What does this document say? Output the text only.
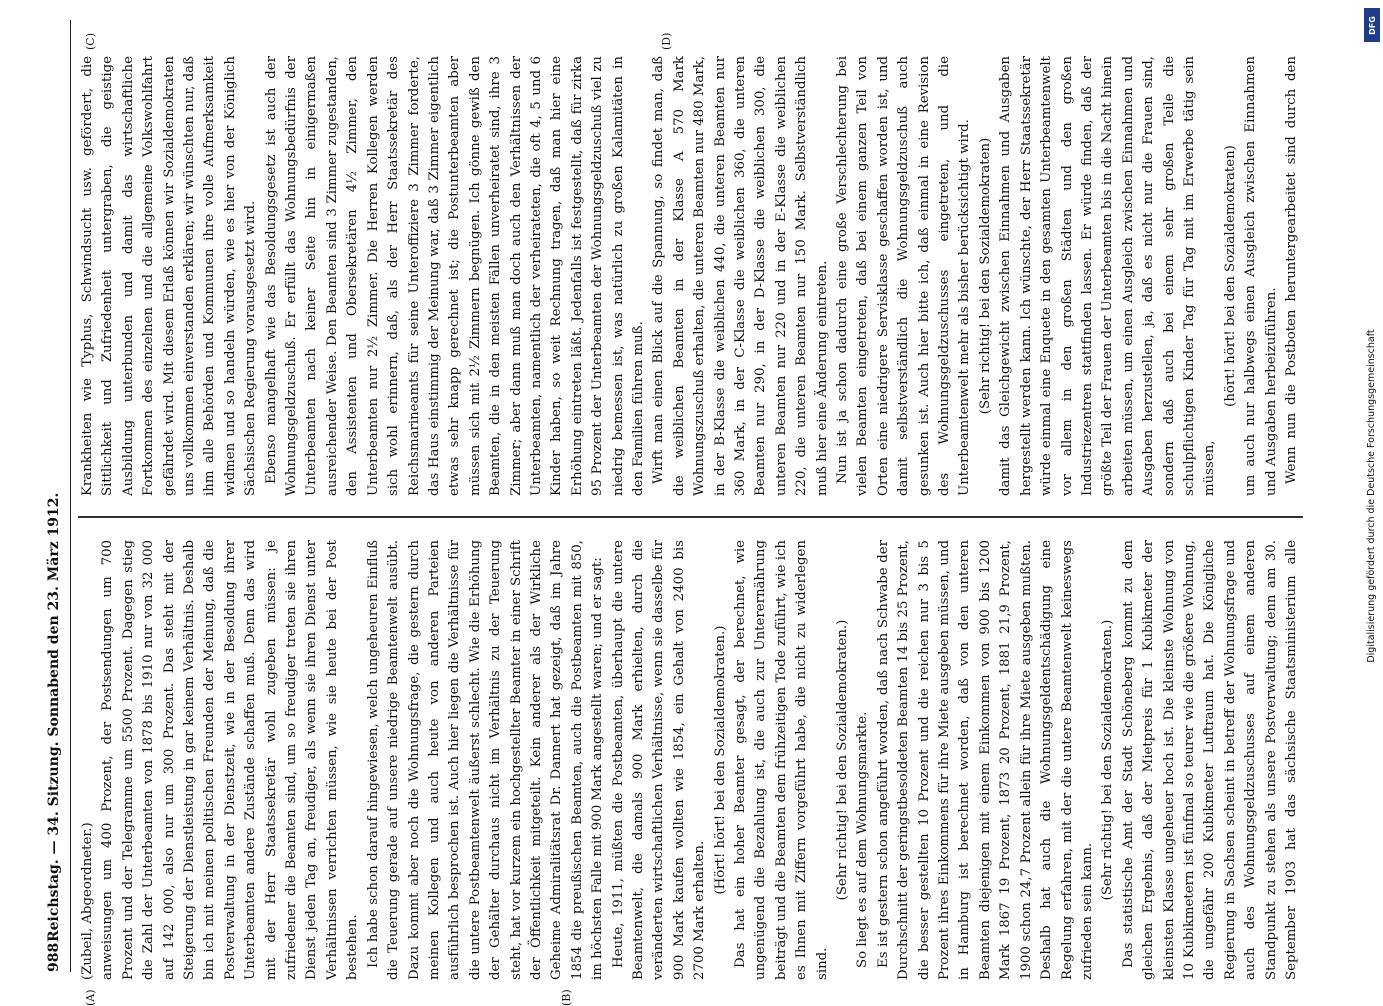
988
Reichstag. — 34. Sitzung. Sonnabend den 23. März 1912.
(A)	(B)
(C)	(D)

(Zubeil, Abgeordneter.) anweisungen um 400 Prozent, der Postsendungen um 700 Prozent und der Telegramme um 5500 Prozent. Dagegen stieg die Zahl der Unterbeamten von 1878 bis 1910 nur von 32 000 auf 142 000, also nur um 300 Prozent. Das steht mit der Steigerung der Dienstleistung in gar keinem Verhältnis. Deshalb bin ich mit meinen politischen Freunden der Meinung, daß die Postverwaltung in der Dienstzeit, wie in der Besoldung ihrer Unterbeamten andere Zustände schaffen muß. Denn das wird mit der Herr Staatssekretär wohl zugeben müssen: je zufriedener die Beamten sind, um so freudiger treten sie ihren Dienst jeden Tag an, freudiger, als wenn sie ihren Dienst unter Verhältnissen verrichten müssen, wie sie heute bei der Post bestehen. Ich habe schon darauf hingewiesen, welch ungeheuren Einfluß die Teuerung gerade auf unsere niedrige Beamtenwelt ausübt. Dazu kommt aber noch die Wohnungsfrage, die gestern durch meinen Kollegen und auch heute von anderen Parteien ausführlich besprochen ist. Auch hier liegen die Verhältnisse für die untere Postbeamtenwelt äußerst schlecht. Wie die Erhöhung der Gehälter durchaus nicht im Verhältnis zu der Teuerung steht, hat vor kurzem ein hochgestellter Beamter in einer Schrift der Öffentlichkeit mitgeteilt. Kein anderer als der Wirkliche Geheime Admiralitätsrat Dr. Dannert hat gezeigt, daß im Jahre 1854 die preußischen Beamten, auch die Postbeamten mit 850, im höchsten Falle mit 900 Mark angestellt waren; und er sagt: Heute, 1911, müßten die Postbeamten, überhaupt die untere Beamtenwelt, die damals 900 Mark erhielten, durch die veränderten wirtschaftlichen Verhältnisse, wenn sie dasselbe für 900 Mark kaufen wollten wie 1854, ein Gehalt von 2400 bis 2700 Mark erhalten.

(Hört! hört! bei den Sozialdemokraten.) Das hat ein hoher Beamter gesagt, der berechnet, wie ungenügend die Bezahlung ist, die auch zur Unterernährung beiträgt und die Beamten dem frühzeitigen Tode zuführt, wie ich es Ihnen mit Ziffern vorgeführt habe, die nicht zu widerlegen sind.

(Sehr richtig! bei den Sozialdemokraten.) So liegt es auf dem Wohnungsmarkte. Es ist gestern schon angeführt worden, daß nach Schwabe der Durchschnitt der geringstbesoldeten Beamten 14 bis 25 Prozent, die besser gestellten 10 Prozent und die reichen nur 3 bis 5 Prozent ihres Einkommens für ihre Miete ausgeben müssen, und in Hamburg ist berechnet worden, daß von den unteren Beamten diejenigen mit einem Einkommen von 900 bis 1200 Mark 1867 19 Prozent, 1873 20 Prozent, 1881 21,9 Prozent, 1900 schon 24,7 Prozent allein für ihre Miete ausgeben mußten. Deshalb hat auch die Wohnungsgeldentschädigung eine Regelung erfahren, mit der die untere Beamtenwelt keineswegs zufrieden sein kann.

(Sehr richtig! bei den Sozialdemokraten.)

Das statistische Amt der Stadt Schöneberg kommt zu dem gleichen Ergebnis, daß der Mietpreis für 1 Kubikmeter der kleinsten Klasse ungeheuer hoch ist. Die kleinste Wohnung von 10 Kubikmetern ist fünfmal so teurer wie die größere Wohnung, die ungefähr 200 Kubikmeter Luftraum hat. Die Königliche Regierung in Sachsen scheint in betreff der Wohnungsfrage und auch des Wohnungsgeldzuschusses auf einem anderen Standpunkt zu stehen als unsere Postverwaltung; denn am 30. September 1903 hat das sächsische Staatsministerium alle

Krankheiten wie Typhus, Schwindsucht usw. gefördert, die Sittlichkeit und Zufriedenheit untergraben, die geistige Ausbildung unterbunden und damit das wirtschaftliche Fortkommen des einzelnen und die allgemeine Volkswohlfahrt gefährdet wird. Mit diesem Erlaß können wir Sozialdemokraten uns vollkommen einverstanden erklären; wir wünschten nur, daß ihm alle Behörden und Kommunen ihre volle Aufmerksamkeit widmen und so handeln würden, wie es hier von der Königlich Sächsischen Regierung vorausgesetzt wird. Ebenso mangelhaft wie das Besoldungsgesetz ist auch der Wohnungsgeldzuschuß. Er erfüllt das Wohnungsbedürfnis der Unterbeamten nach keiner Seite hin in einigermaßen ausreichender Weise. Den Beamten sind 3 Zimmer zugestanden, den Assistenten und Obersekretären 4½ Zimmer, den Unterbeamten nur 2½ Zimmer. Die Herren Kollegen werden sich wohl erinnern, daß, als der Herr Staatssekretär des Reichsmarineamts für seine Unteroffiziere 3 Zimmer forderte, das Haus einstimmig der Meinung war, daß 3 Zimmer eigentlich etwas sehr knapp gerechnet ist; die Postunterbeamten aber müssen sich mit 2½ Zimmern begnügen. Ich gönne gewiß den Beamten, die in den meisten Fällen unverheiratet sind, ihre 3 Zimmer; aber dann muß man doch auch den Verhältnissen der Unterbeamten, namentlich der verheirateten, die oft 4, 5 und 6 Kinder haben, so weit Rechnung tragen, daß man hier eine Erhöhung eintreten läßt. Jedenfalls ist festgestellt, daß für zirka 95 Prozent der Unterbeamten der Wohnungsgeldzuschuß viel zu niedrig bemessen ist, was natürlich zu großen Kalamitäten in den Familien führen muß. Wirft man einen Blick auf die Spannung, so findet man, daß die weiblichen Beamten in der Klasse A 570 Mark Wohnungszuschuß erhalten, die unteren Beamten nur 480 Mark, in der B-Klasse die weiblichen 440, die unteren Beamten nur 360 Mark, in der C-Klasse die weiblichen 360, die unteren Beamten nur 290, in der D-Klasse die weiblichen 300, die unteren Beamten nur 220 und in der E-Klasse die weiblichen 220, die unteren Beamten nur 150 Mark. Selbstverständlich muß hier eine Änderung eintreten. Nun ist ja schon dadurch eine große Verschlechterung bei vielen Beamten eingetreten, daß bei einem ganzen Teil von Orten eine niedrigere Servisklasse geschaffen worden ist, und damit selbstverständlich die Wohnungsgeldzuschuß auch gesunken ist. Auch hier bitte ich, daß einmal in eine Revision des Wohnungsgeldzuschusses eingetreten, und die Unterbeamtenwelt mehr als bisher berücksichtigt wird. (Sehr richtig! bei den Sozialdemokraten) damit das Gleichgewicht zwischen Einnahmen und Ausgaben hergestellt werden kann. Ich wünschte, der Herr Staatssekretär würde einmal eine Enquete in den gesamten Unterbeamtenwelt vor allem in den großen Städten und den großen Industriezentren stattfinden lassen. Er würde finden, daß der größte Teil der Frauen der Unterbeamten bis in die Nacht hinein arbeiten müssen, um einen Ausgleich zwischen Einnahmen und Ausgaben herzustellen, ja, daß es nicht nur die Frauen sind, sondern daß auch bei einem sehr großen Teile die schulpflichtigen Kinder Tag für Tag mit im Erwerbe tätig sein müssen,

(hört! hört! bei den Sozialdemokraten) um auch nur halbwegs einen Ausgleich zwischen Einnahmen und Ausgaben herbeizuführen. Wenn nun die Postboten heruntergearbeitet sind durch den

DFG
Digitalisierung gefördert durch die Deutsche Forschungsgemeinschaft
